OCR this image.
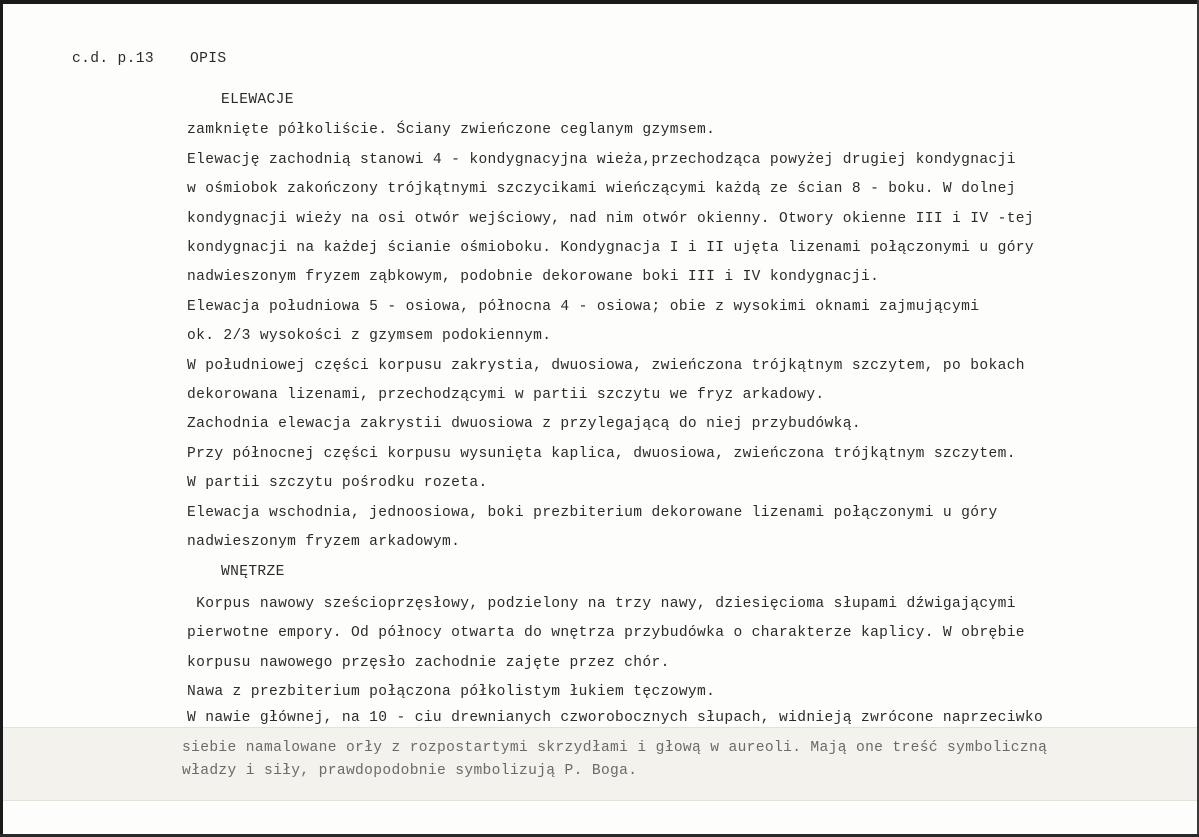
c.d. p.13 OPIS
ELEWACJE
zamknięte półkoliście. Ściany zwieńczone ceglanym gzymsem.
Elewację zachodnią stanowi 4 - kondygnacyjna wieża,przechodząca powyżej drugiej kondygnacji
w ośmiobok zakończony trójkątnymi szczycikami wieńczącymi każdą ze ścian 8 - boku. W dolnej
kondygnacji wieży na osi otwór wejściowy, nad nim otwór okienny. Otwory okienne III i IV -tej
kondygnacji na każdej ścianie ośmioboku. Kondygnacja I i II ujęta lizenami połączonymi u góry
nadwieszonym fryzem ząbkowym, podobnie dekorowane boki III i IV kondygnacji.
Elewacja południowa 5 - osiowa, północna 4 - osiowa; obie z wysokimi oknami zajmującymi
ok. 2/3 wysokości z gzymsem podokiennym.
W południowej części korpusu zakrystia, dwuosiowa, zwieńczona trójkątnym szczytem, po bokach
dekorowana lizenami, przechodzącymi w partii szczytu we fryz arkadowy.
Zachodnia elewacja zakrystii dwuosiowa z przylegającą do niej przybudówką.
Przy północnej części korpusu wysunięta kaplica, dwuosiowa, zwieńczona trójkątnym szczytem.
W partii szczytu pośrodku rozeta.
Elewacja wschodnia, jednoosiowa, boki prezbiterium dekorowane lizenami połączonymi u góry
nadwieszonym fryzem arkadowym.
WNĘTRZE
Korpus nawowy sześcioprzęsłowy, podzielony na trzy nawy, dziesięcioma słupami dźwigającymi
pierwotne empory. Od północy otwarta do wnętrza przybudówka o charakterze kaplicy. W obrębie
korpusu nawowego przęsło zachodnie zajęte przez chór.
Nawa z prezbiterium połączona półkolistym łukiem tęczowym.
W nawie głównej, na 10 - ciu drewnianych czworobocznych słupach, widnieją zwrócone naprzeciwko
siebie namalowane orły z rozpostartymi skrzydłami i głową w aureoli. Mają one treść symboliczną
władzy i siły, prawdopodobnie symbolizują P. Boga.
